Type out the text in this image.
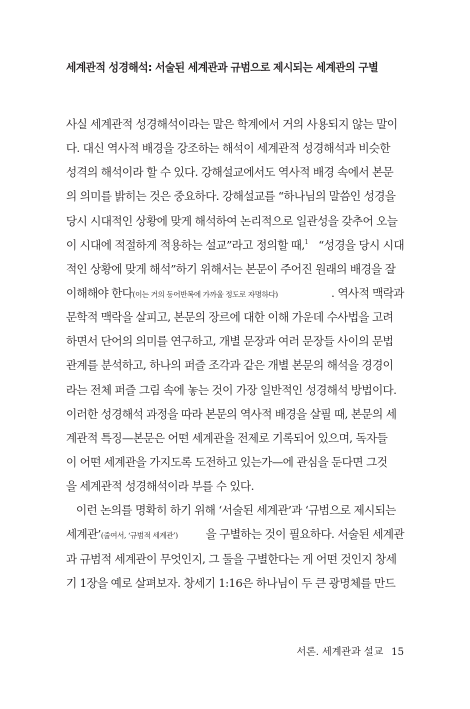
세계관적 성경해석: 서술된 세계관과 규범으로 제시되는 세계관의 구별
사실 세계관적 성경해석이라는 말은 학계에서 거의 사용되지 않는 말이
다. 대신 역사적 배경을 강조하는 해석이 세계관적 성경해석과 비슷한
성격의 해석이라 할 수 있다. 강해설교에서도 역사적 배경 속에서 본문
의 의미를 밝히는 것은 중요하다. 강해설교를 “하나님의 말씀인 성경을
당시 시대적인 상황에 맞게 해석하여 논리적으로 일관성을 갖추어 오늘
이 시대에 적절하게 적용하는 설교”라고 정의할 때,$^1$ “성경을 당시 시대
적인 상황에 맞게 해석”하기 위해서는 본문이 주어진 원래의 배경을 잘
이해해야 한다(이는 거의 동어반복에 가까울 정도로 자명하다)	. 역사적 맥락과
문학적 맥락을 살피고, 본문의 장르에 대한 이해 가운데 수사법을 고려
하면서 단어의 의미를 연구하고, 개별 문장과 여러 문장들 사이의 문법
관계를 분석하고, 하나의 퍼즐 조각과 같은 개별 본문의 해석을 경경이
라는 전체 퍼즐 그림 속에 놓는 것이 가장 일반적인 성경해석 방법이다.
이러한 성경해석 과정을 따라 본문의 역사적 배경을 살필 때, 본문의 세
계관적 특징—본문은 어떤 세계관을 전제로 기록되어 있으며, 독자들
이 어떤 세계관을 가지도록 도전하고 있는가—에 관심을 둔다면 그것
을 세계관적 성경해석이라 부를 수 있다.
이런 논의를 명확히 하기 위해 ‘서술된 세계관’과 ‘규범으로 제시되는
세계관’(줄여서, ‘규범적 세계관’) 을 구별하는 것이 필요하다. 서술된 세계관
과 규범적 세계관이 무엇인지, 그 둘을 구별한다는 게 어떤 것인지 창세
기 1장을 예로 살펴보자. 창세기 1:16은 하나님이 두 큰 광명체를 만드
서론. 세계관과 설교 15
